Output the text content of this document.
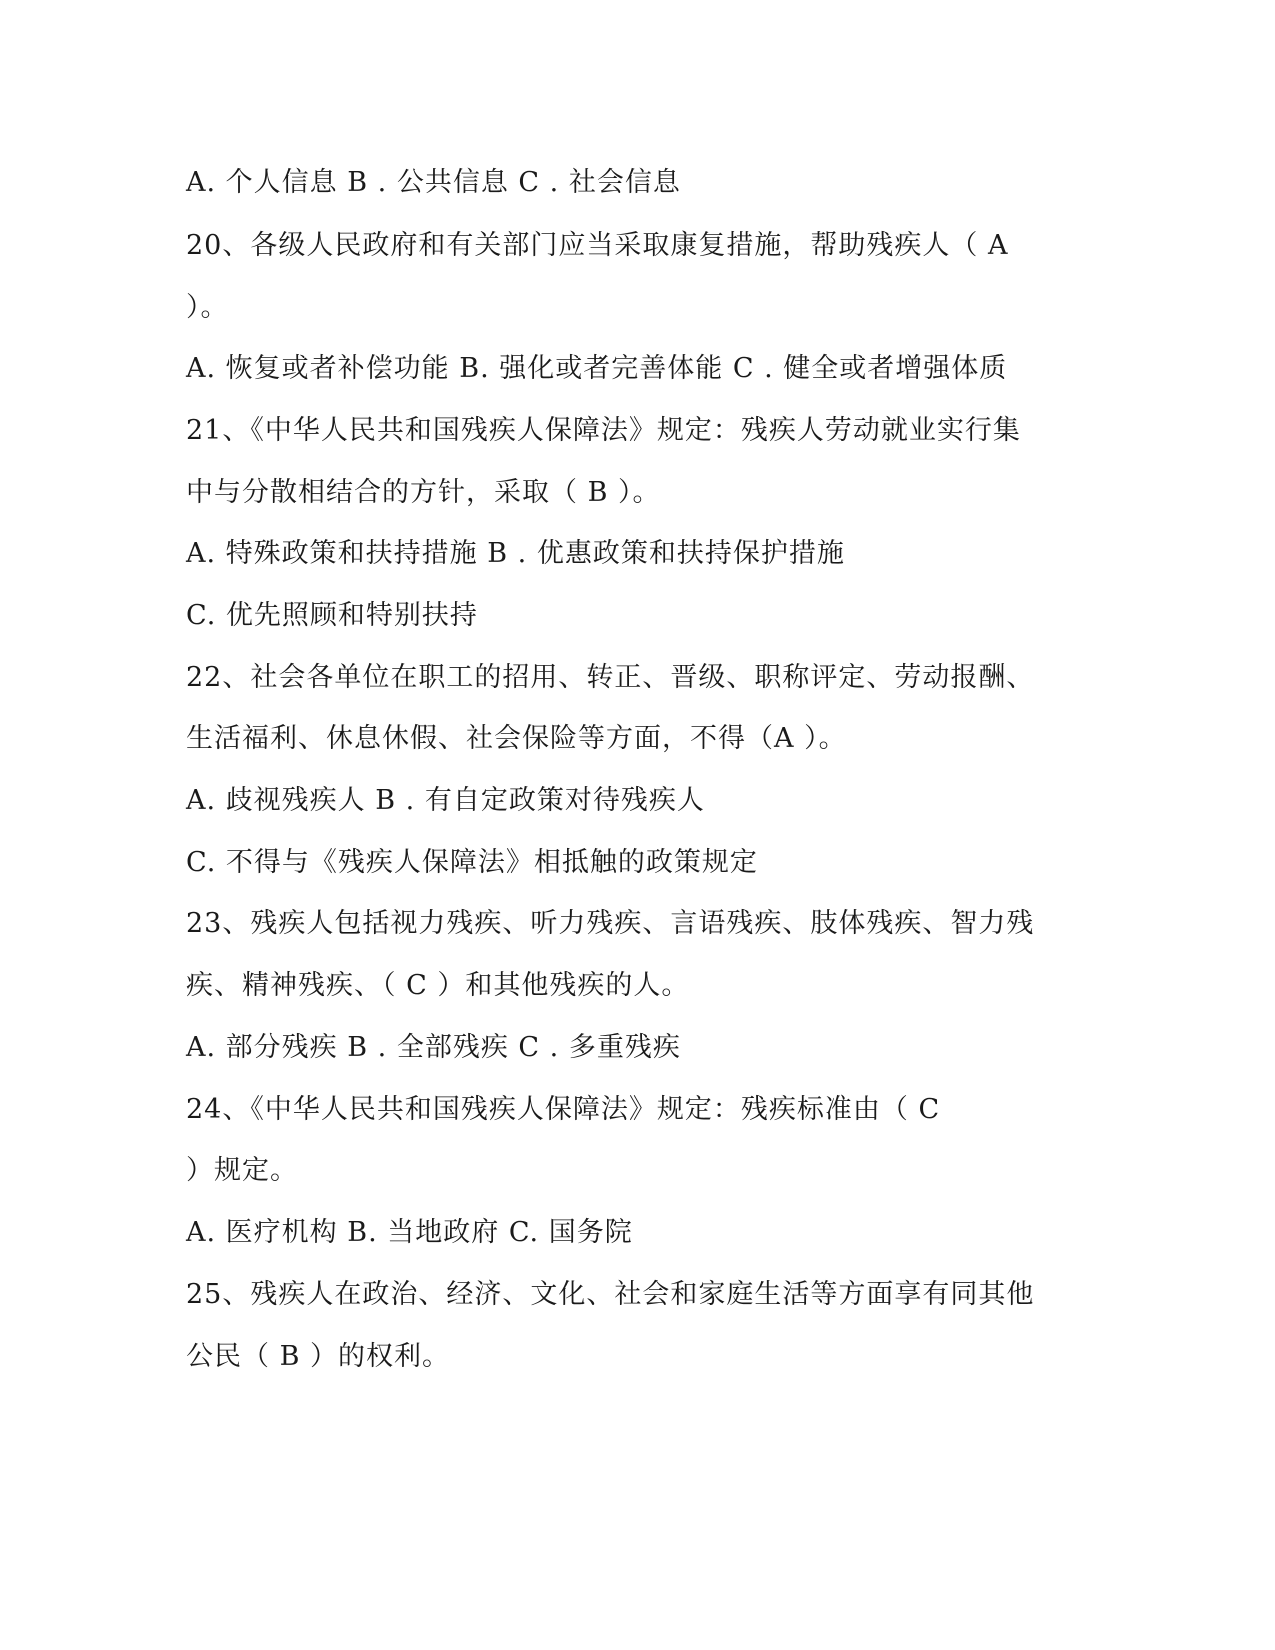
A. 个人信息 B . 公共信息 C . 社会信息
20、各级人民政府和有关部门应当采取康复措施，帮助残疾人（ A
）。
A. 恢复或者补偿功能 B. 强化或者完善体能 C . 健全或者增强体质
21、《中华人民共和国残疾人保障法》规定：残疾人劳动就业实行集
中与分散相结合的方针，采取（ B ）。
A. 特殊政策和扶持措施 B . 优惠政策和扶持保护措施
C. 优先照顾和特别扶持
22、社会各单位在职工的招用、转正、晋级、职称评定、劳动报酬、
生活福利、休息休假、社会保险等方面，不得（A ）。
A. 歧视残疾人 B . 有自定政策对待残疾人
C. 不得与《残疾人保障法》相抵触的政策规定
23、残疾人包括视力残疾、听力残疾、言语残疾、肢体残疾、智力残
疾、精神残疾、（ C ）和其他残疾的人。
A. 部分残疾 B . 全部残疾 C . 多重残疾
24、《中华人民共和国残疾人保障法》规定：残疾标准由（ C
）规定。
A. 医疗机构 B. 当地政府 C. 国务院
25、残疾人在政治、经济、文化、社会和家庭生活等方面享有同其他
公民（ B ）的权利。
